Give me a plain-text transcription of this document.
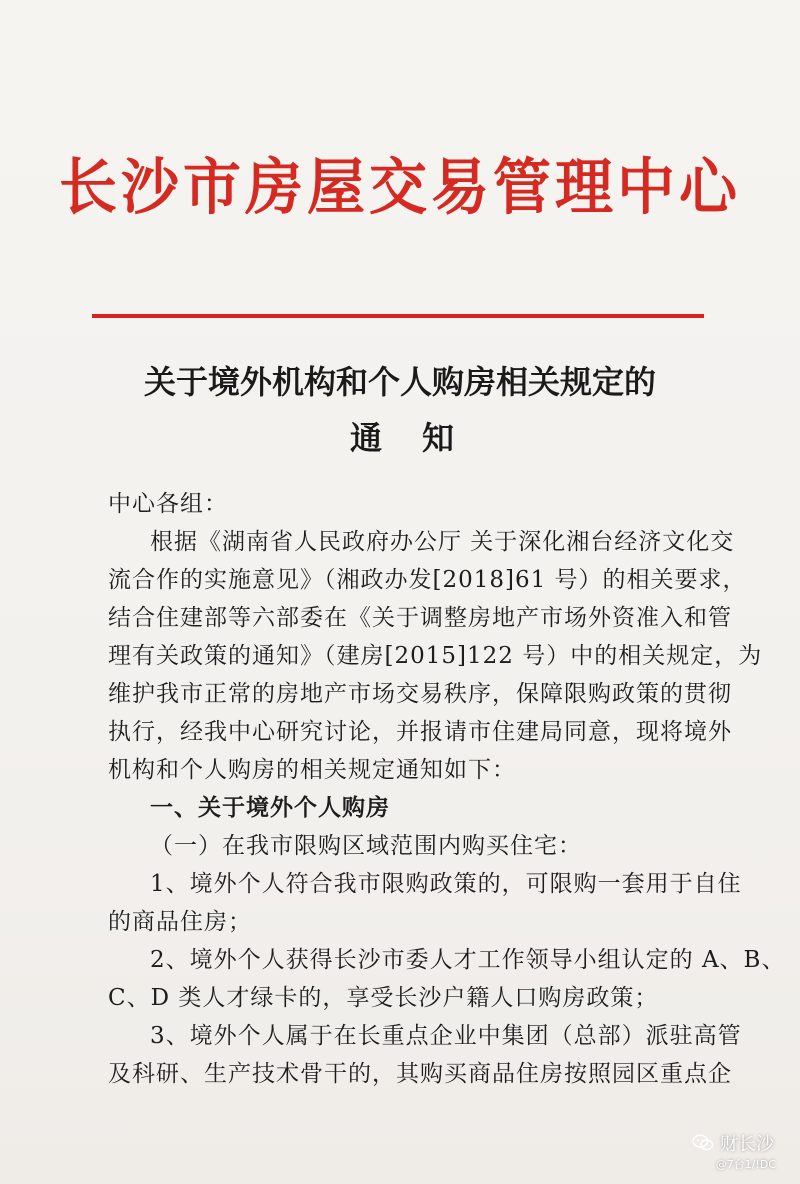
长沙市房屋交易管理中心
关于境外机构和个人购房相关规定的
通知
中心各组：
根据《湖南省人民政府办公厅 关于深化湘台经济文化交
流合作的实施意见》（湘政办发[2018]61 号）的相关要求，
结合住建部等六部委在《关于调整房地产市场外资准入和管
理有关政策的通知》（建房[2015]122 号）中的相关规定，为
维护我市正常的房地产市场交易秩序，保障限购政策的贯彻
执行，经我中心研究讨论，并报请市住建局同意，现将境外
机构和个人购房的相关规定通知如下：
一、关于境外个人购房
（一）在我市限购区域范围内购买住宅：
1、境外个人符合我市限购政策的，可限购一套用于自住
的商品住房；
2、境外个人获得长沙市委人才工作领导小组认定的 A、B、
C、D 类人才绿卡的，享受长沙户籍人口购房政策；
3、境外个人属于在长重点企业中集团（总部）派驻高管
及科研、生产技术骨干的，其购买商品住房按照园区重点企
财长沙
@7台1/!DC
